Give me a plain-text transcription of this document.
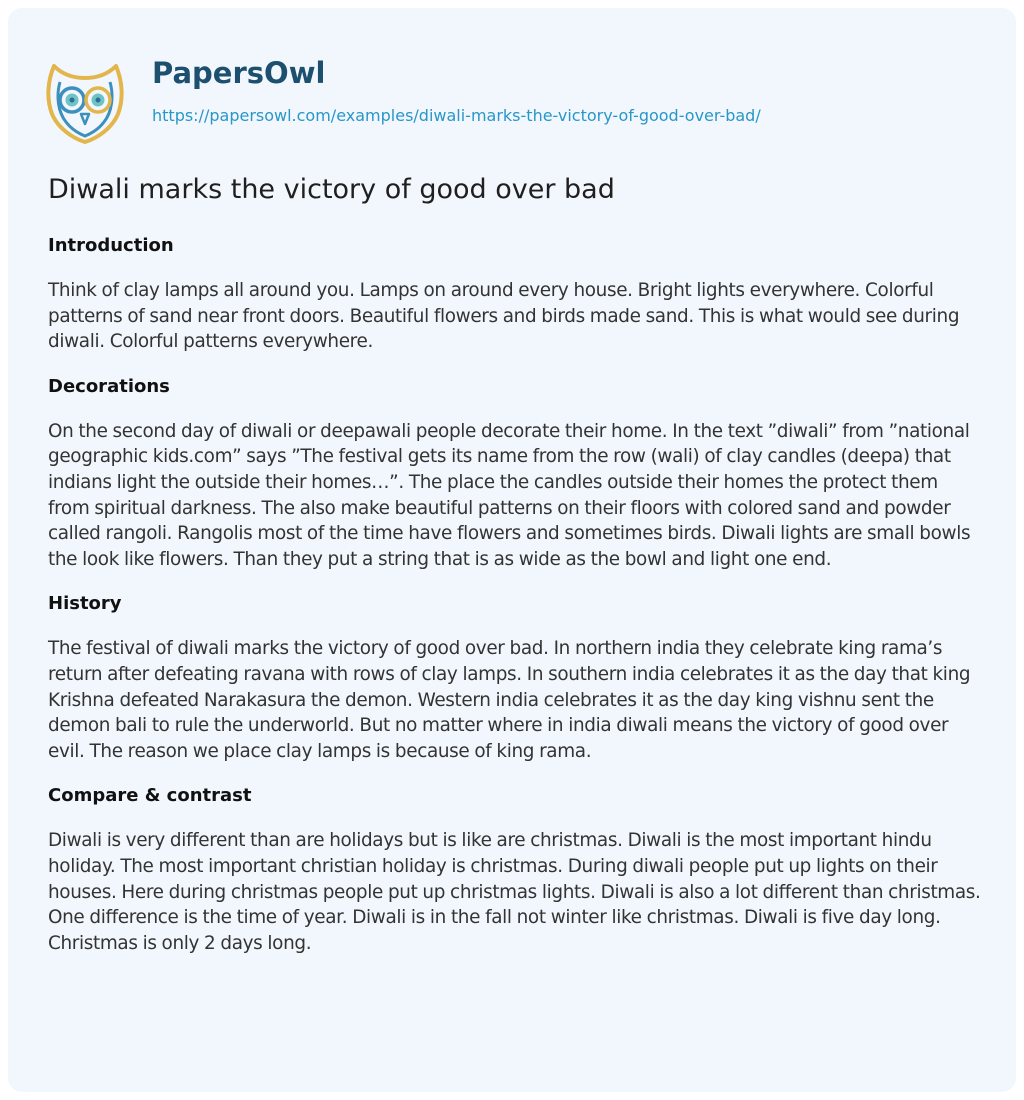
PapersOwl
https://papersowl.com/examples/diwali-marks-the-victory-of-good-over-bad/
Diwali marks the victory of good over bad
Introduction

Think of clay lamps all around you. Lamps on around every house. Bright lights everywhere. Colorful patterns of sand near front doors. Beautiful flowers and birds made sand. This is what would see during diwali. Colorful patterns everywhere.

Decorations

On the second day of diwali or deepawali people decorate their home. In the text ”diwali” from ”national geographic kids.com” says ”The festival gets its name from the row (wali) of clay candles (deepa) that indians light the outside their homes…”. The place the candles outside their homes the protect them from spiritual darkness. The also make beautiful patterns on their floors with colored sand and powder called rangoli. Rangolis most of the time have flowers and sometimes birds. Diwali lights are small bowls the look like flowers. Than they put a string that is as wide as the bowl and light one end.

History

The festival of diwali marks the victory of good over bad. In northern india they celebrate king rama’s return after defeating ravana with rows of clay lamps. In southern india celebrates it as the day that king Krishna defeated Narakasura the demon. Western india celebrates it as the day king vishnu sent the demon bali to rule the underworld. But no matter where in india diwali means the victory of good over evil. The reason we place clay lamps is because of king rama.

Compare & contrast

Diwali is very different than are holidays but is like are christmas. Diwali is the most important hindu holiday. The most important christian holiday is christmas. During diwali people put up lights on their houses. Here during christmas people put up christmas lights. Diwali is also a lot different than christmas. One difference is the time of year. Diwali is in the fall not winter like christmas. Diwali is five day long. Christmas is only 2 days long.
